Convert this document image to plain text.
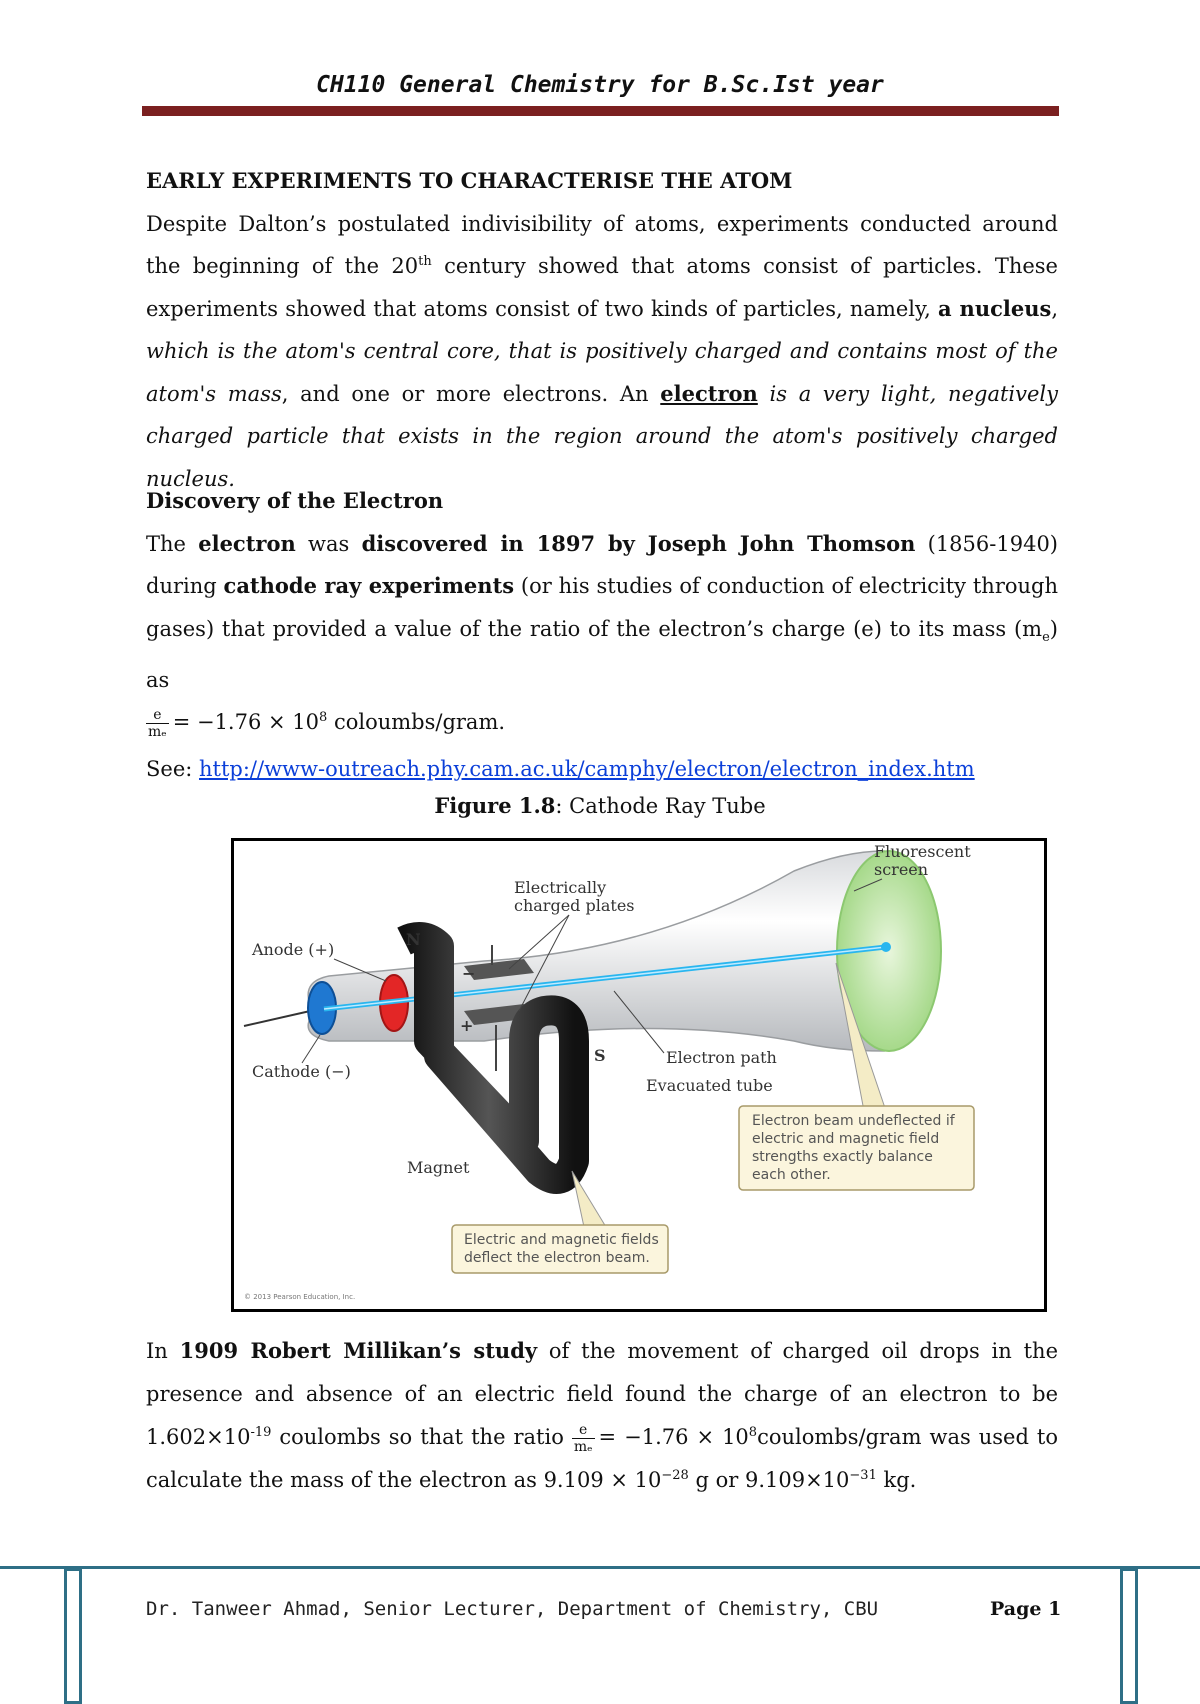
CH110 General Chemistry for B.Sc.Ist year
EARLY EXPERIMENTS TO CHARACTERISE THE ATOM
Despite Dalton’s postulated indivisibility of atoms, experiments conducted around the beginning of the 20th century showed that atoms consist of particles. These experiments showed that atoms consist of two kinds of particles, namely, a nucleus, which is the atom's central core, that is positively charged and contains most of the atom's mass, and one or more electrons. An electron is a very light, negatively charged particle that exists in the region around the atom's positively charged nucleus.
Discovery of the Electron
The electron was discovered in 1897 by Joseph John Thomson (1856-1940) during cathode ray experiments (or his studies of conduction of electricity through gases) that provided a value of the ratio of the electron’s charge (e) to its mass $(m_e)$ as
$\frac{e}{\text{mₑ}} = -1.76 \times 10^8$ coloumbs/gram.
See: http://www-outreach.phy.cam.ac.uk/camphy/electron/electron_index.htm
Figure 1.8: Cathode Ray Tube
Fluorescent
screen
Electrically
charged plates
Anode (+)
N
S
−
+
Cathode (−)
Electron path
Evacuated tube
Magnet
Electron beam undeflected if
electric and magnetic field
strengths exactly balance
each other.
Electric and magnetic fields
deflect the electron beam.
© 2013 Pearson Education, Inc.
In 1909 Robert Millikan’s study of the movement of charged oil drops in the presence and absence of an electric field found the charge of an electron to be $1.602\times 10^{-19}$ coulombs so that the ratio $\frac{e}{\text{mₑ}} = -1.76$ × $10^8coulombs$/gram was used to calculate the mass of the electron as $9.109 \times 10^{-28}$ g or $9.109\times 10^{-31}$ kg.
Dr. Tanweer Ahmad, Senior Lecturer, Department of Chemistry, CBU	Page 1
